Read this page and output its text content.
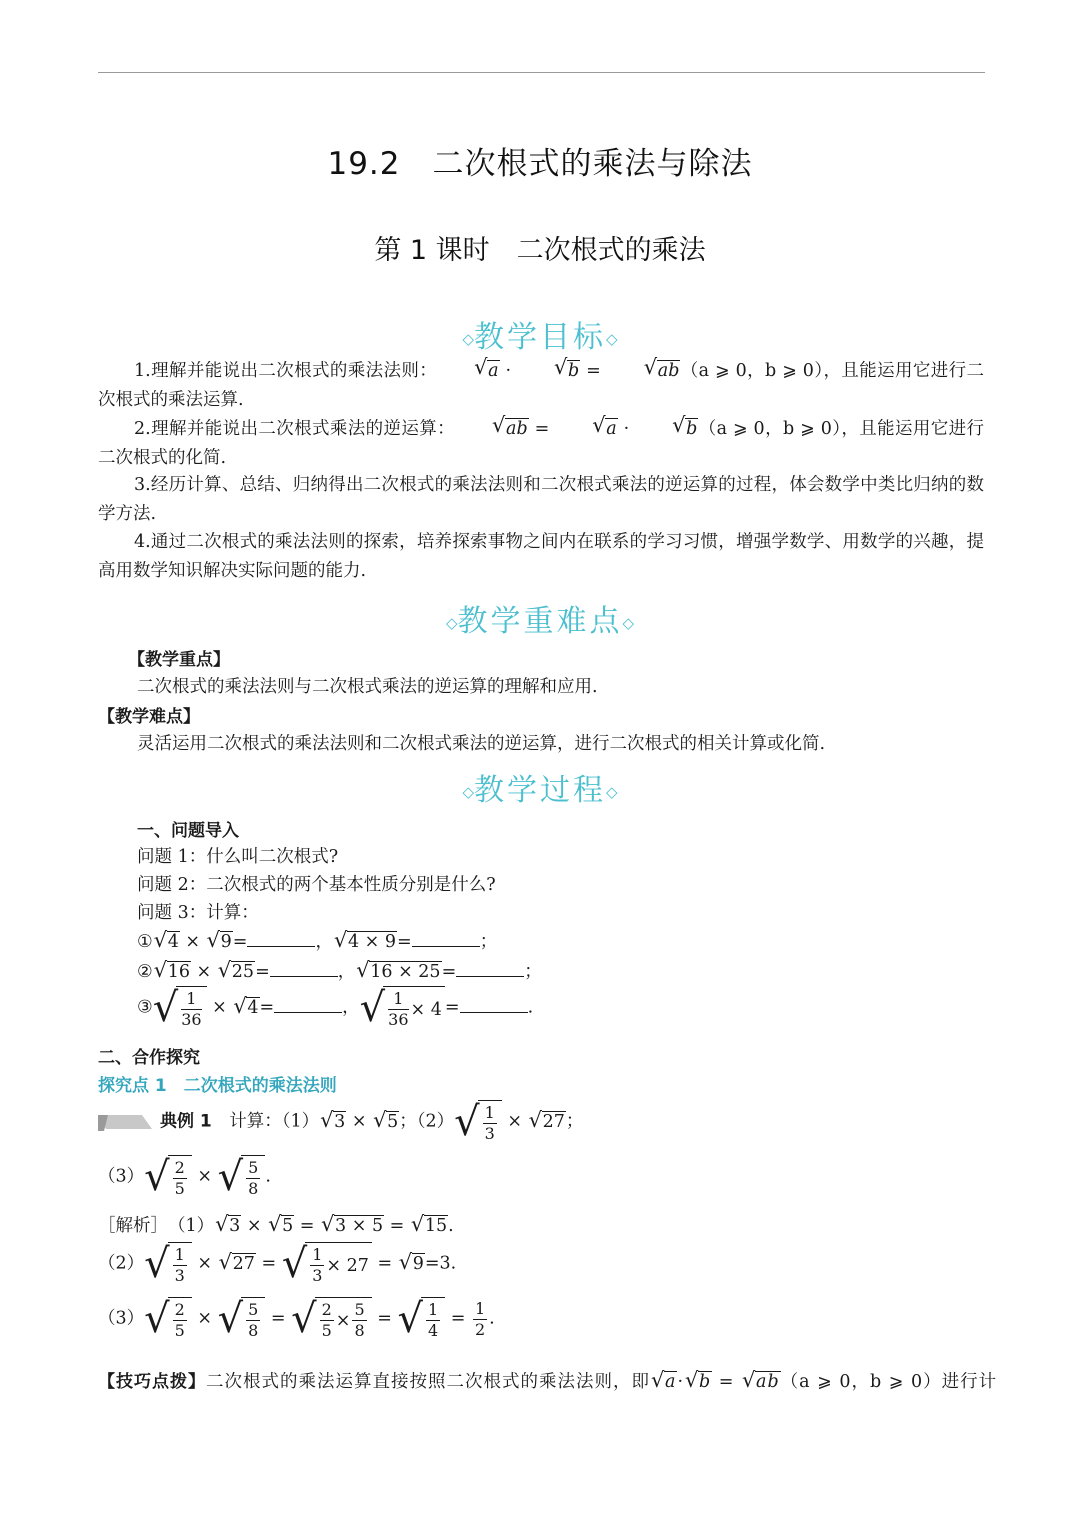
19.2　二次根式的乘法与除法
第 1 课时　二次根式的乘法
◇教学目标◇
1.理解并能说出二次根式的乘法法则：	√ a ·	√ b =	√ ab（a ⩾ 0，b ⩾ 0），且能运用它进行二次根式的乘法运算.
2.理解并能说出二次根式乘法的逆运算：	√ ab =	√ a ·	√ b（a ⩾ 0，b ⩾ 0），且能运用它进行二次根式的化简.
3.经历计算、总结、归纳得出二次根式的乘法法则和二次根式乘法的逆运算的过程，体会数学中类比归纳的数学方法.
4.通过二次根式的乘法法则的探索，培养探索事物之间内在联系的学习习惯，增强学数学、用数学的兴趣，提高用数学知识解决实际问题的能力.
◇教学重难点◇
【教学重点】
二次根式的乘法法则与二次根式乘法的逆运算的理解和应用.
【教学难点】
灵活运用二次根式的乘法法则和二次根式乘法的逆运算，进行二次根式的相关计算或化简.
◇教学过程◇
一、问题导入
问题 1：什么叫二次根式?
问题 2：二次根式的两个基本性质分别是什么?
问题 3：计算：
① √ 4 × √ 9=	， √ 4 × 9=	；
② √ 16 × √ 25=	， √ 16 × 25=	；
③ √ $\frac{1}{36}$ × √ 4=	， √ $\frac{1}{36} \times 4$ =	.
二、合作探究
探究点 1　二次根式的乘法法则
典例 1　 计算：（1） √ 3 × √ 5；（2） √ $\frac{1}{3}$ × √ 27；
（3） √ $\frac{2}{5}$ × √ $\frac{5}{8}$ .
［解析］　（1） √ 3 × √ 5 = √ 3 × 5 = √ 15.
（2） √ $\frac{1}{3}$ × √ 27 = √ $\frac{1}{3} \times 27$ = √ 9=3.
（3） √ $\frac{2}{5}$ × √ $\frac{5}{8}$ = √ $\frac{2}{5} \times \frac{5}{8}$ = √ $\frac{1}{4} = \frac{1}{2}$ .
【技巧点拨】二次根式的乘法运算直接按照二次根式的乘法法则，即 √ a· √ b = √ ab（a ⩾ 0，b ⩾ 0）进行计
